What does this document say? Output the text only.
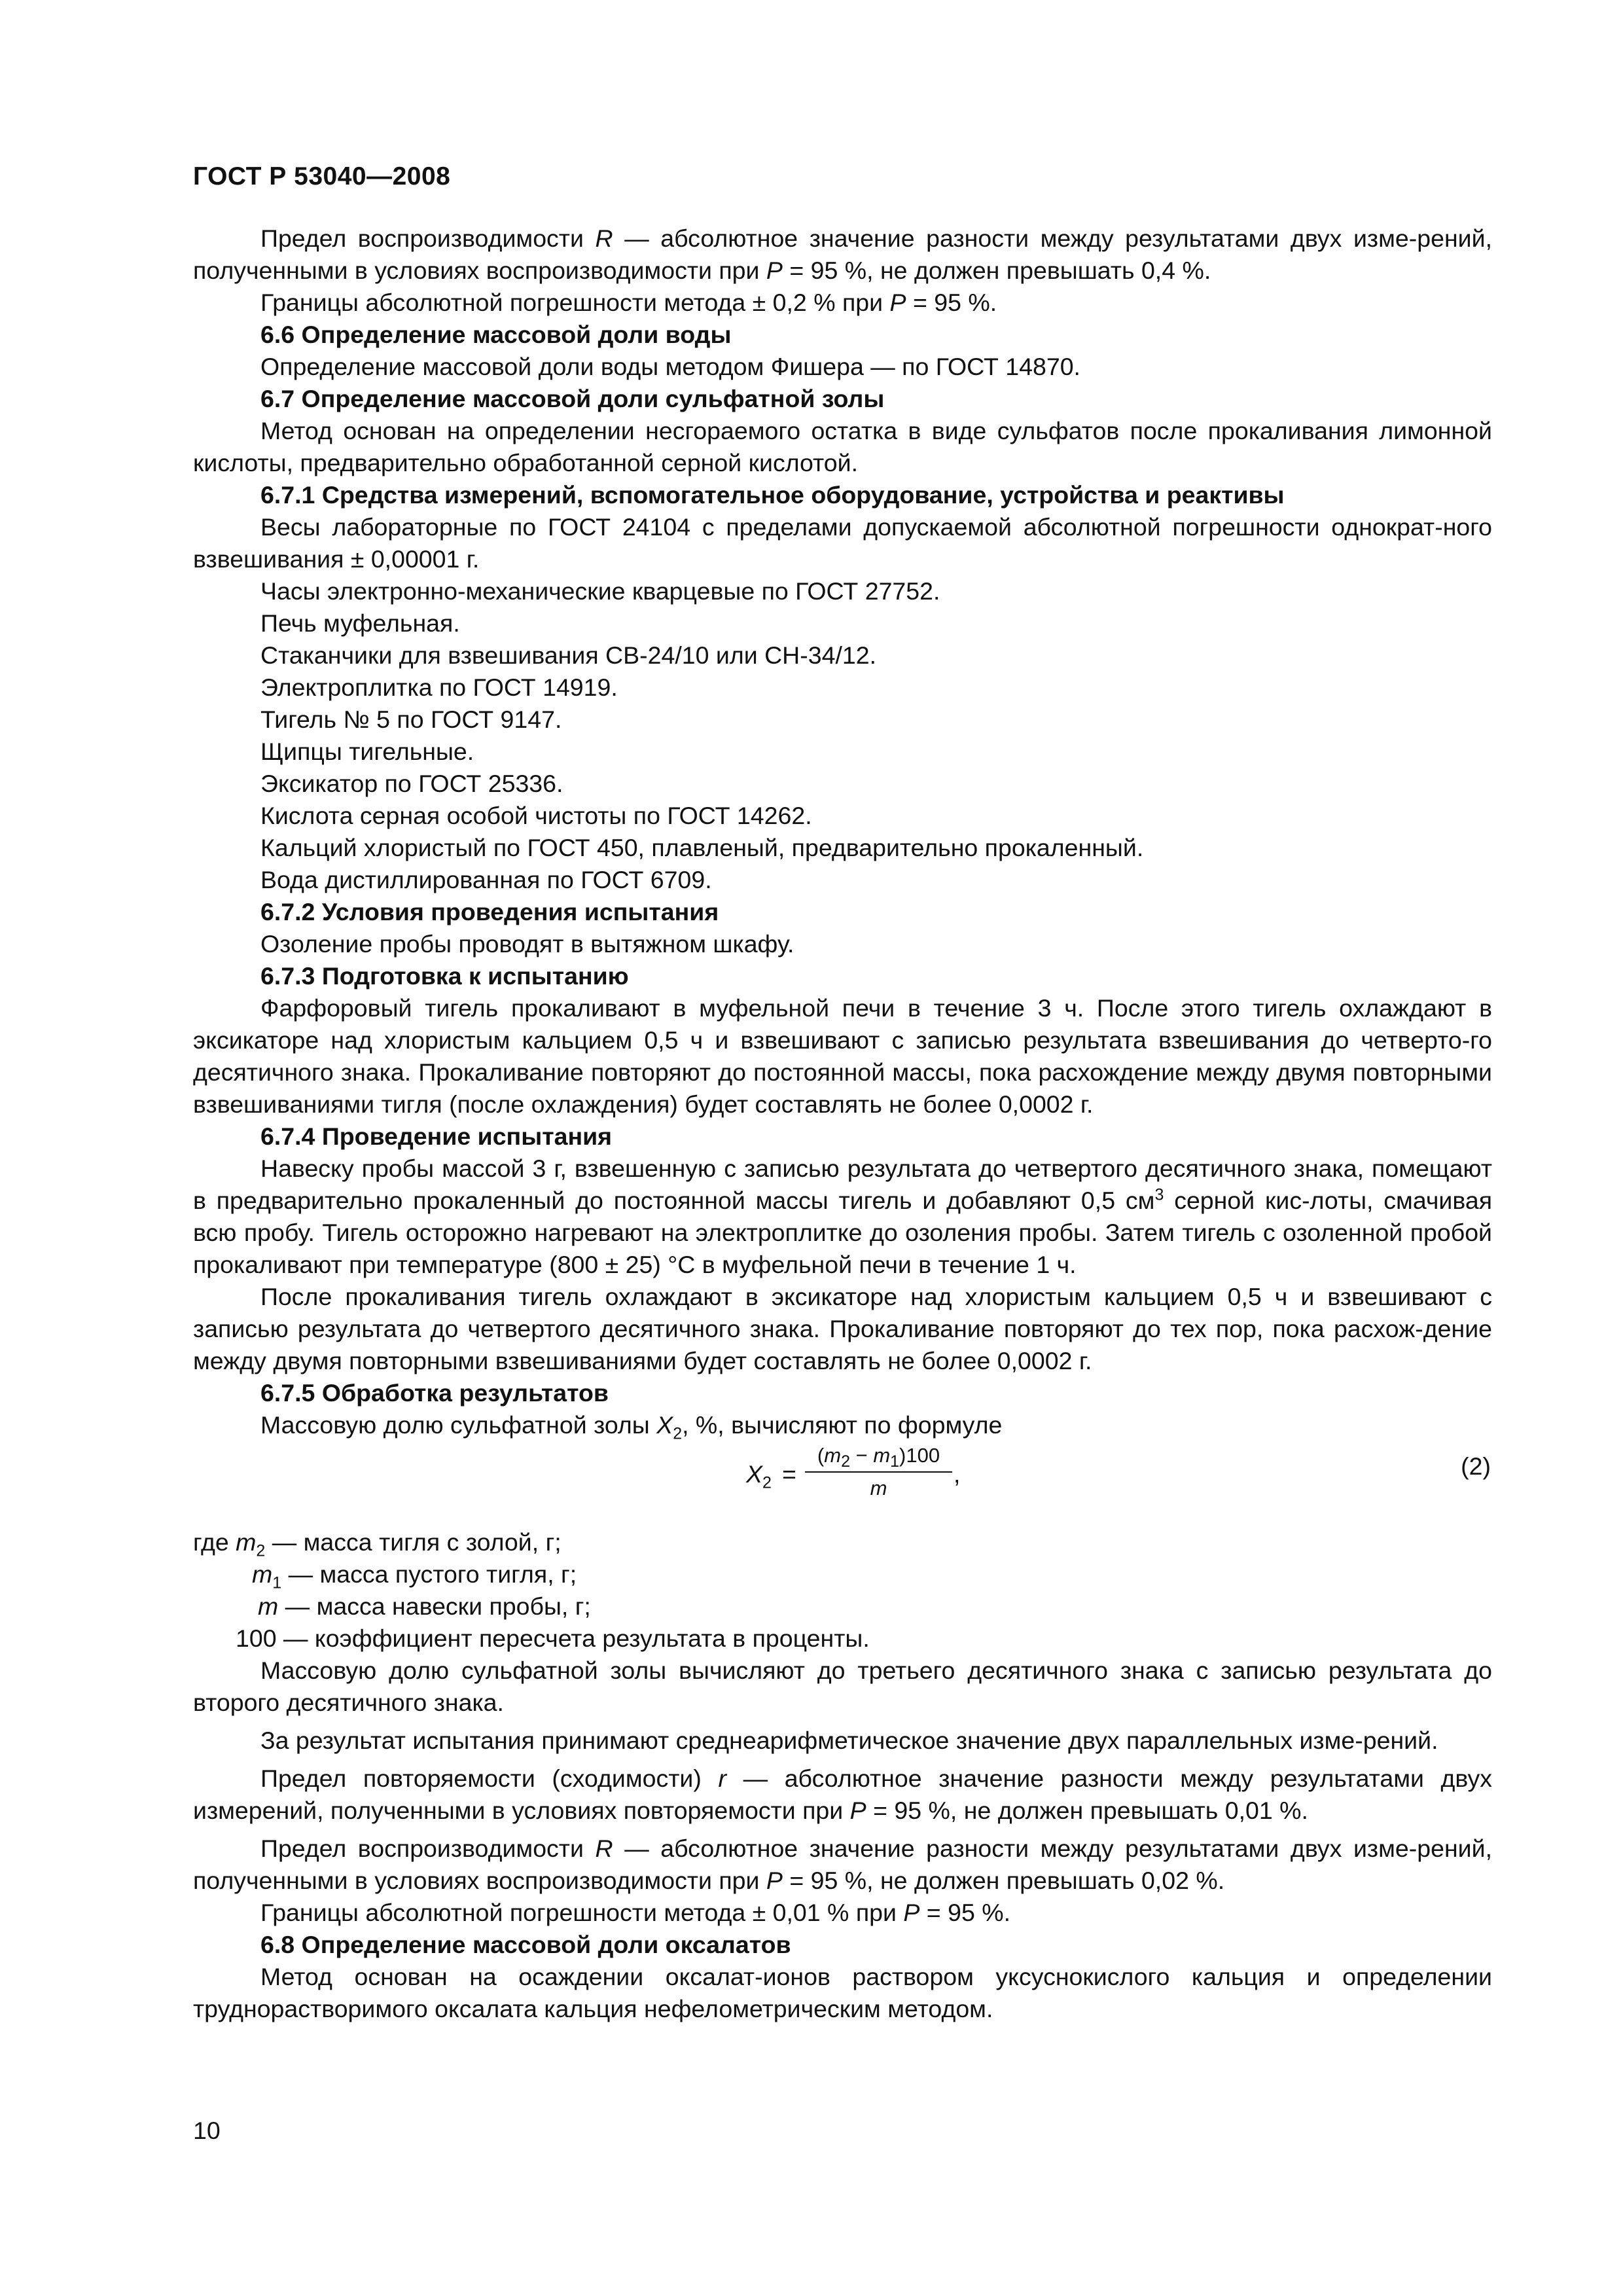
ГОСТ Р 53040—2008

Предел воспроизводимости R — абсолютное значение разности между результатами двух изме-рений, полученными в условиях воспроизводимости при P = 95 %, не должен превышать 0,4 %.

Границы абсолютной погрешности метода ± 0,2 % при P = 95 %.

6.6 Определение массовой доли воды

Определение массовой доли воды методом Фишера — по ГОСТ 14870.

6.7 Определение массовой доли сульфатной золы

Метод основан на определении несгораемого остатка в виде сульфатов после прокаливания лимонной кислоты, предварительно обработанной серной кислотой.

6.7.1 Средства измерений, вспомогательное оборудование, устройства и реактивы

Весы лабораторные по ГОСТ 24104 с пределами допускаемой абсолютной погрешности однократ-ного взвешивания ± 0,00001 г.

Часы электронно-механические кварцевые по ГОСТ 27752.

Печь муфельная.

Стаканчики для взвешивания СВ-24/10 или СН-34/12.

Электроплитка по ГОСТ 14919.

Тигель № 5 по ГОСТ 9147.

Щипцы тигельные.

Эксикатор по ГОСТ 25336.

Кислота серная особой чистоты по ГОСТ 14262.

Кальций хлористый по ГОСТ 450, плавленый, предварительно прокаленный.

Вода дистиллированная по ГОСТ 6709.

6.7.2 Условия проведения испытания

Озоление пробы проводят в вытяжном шкафу.

6.7.3 Подготовка к испытанию

Фарфоровый тигель прокаливают в муфельной печи в течение 3 ч. После этого тигель охлаждают в эксикаторе над хлористым кальцием 0,5 ч и взвешивают с записью результата взвешивания до четверто-го десятичного знака. Прокаливание повторяют до постоянной массы, пока расхождение между двумя повторными взвешиваниями тигля (после охлаждения) будет составлять не более 0,0002 г.

6.7.4 Проведение испытания

Навеску пробы массой 3 г, взвешенную с записью результата до четвертого десятичного знака, помещают в предварительно прокаленный до постоянной массы тигель и добавляют 0,5 $см^3$ серной кис-лоты, смачивая всю пробу. Тигель осторожно нагревают на электроплитке до озоления пробы. Затем тигель с озоленной пробой прокаливают при температуре (800 ± 25) °С в муфельной печи в течение 1 ч.

После прокаливания тигель охлаждают в эксикаторе над хлористым кальцием 0,5 ч и взвешивают с записью результата до четвертого десятичного знака. Прокаливание повторяют до тех пор, пока расхож-дение между двумя повторными взвешиваниями будет составлять не более 0,0002 г.

6.7.5 Обработка результатов

Массовую долю сульфатной золы $X_2$, %, вычисляют по формуле

$X_2 = \frac{(m_2 - m_1)100}{m}$ ,	(2)

где $m_2$ — масса тигля с золой, г;

$m_1$ — масса пустого тигля, г;

m — масса навески пробы, г;

100 — коэффициент пересчета результата в проценты.

Массовую долю сульфатной золы вычисляют до третьего десятичного знака с записью результата до второго десятичного знака.

За результат испытания принимают среднеарифметическое значение двух параллельных изме-рений.

Предел повторяемости (сходимости) r — абсолютное значение разности между результатами двух измерений, полученными в условиях повторяемости при P = 95 %, не должен превышать 0,01 %.

Предел воспроизводимости R — абсолютное значение разности между результатами двух изме-рений, полученными в условиях воспроизводимости при P = 95 %, не должен превышать 0,02 %.

Границы абсолютной погрешности метода ± 0,01 % при P = 95 %.

6.8 Определение массовой доли оксалатов

Метод основан на осаждении оксалат-ионов раствором уксуснокислого кальция и определении труднорастворимого оксалата кальция нефелометрическим методом.

10
